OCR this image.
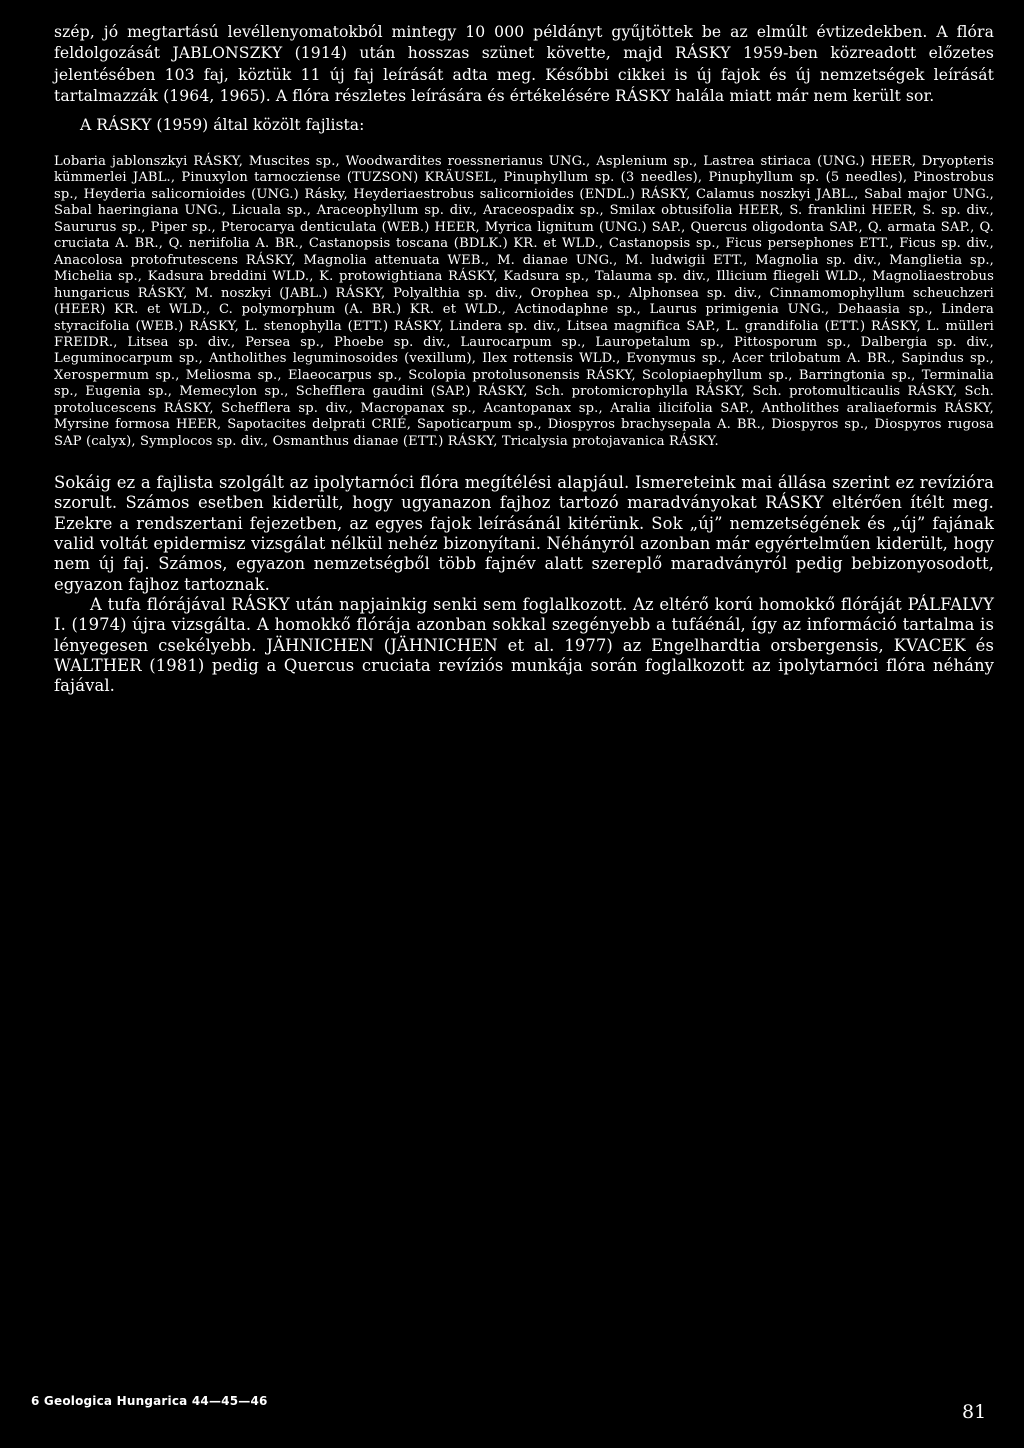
szép, jó megtartású levéllenyomatokból mintegy 10 000 példányt gyűjtöttek be az elmúlt évtizedekben. A flóra feldolgozását JABLONSZKY (1914) után hosszas szünet követte, majd RÁSKY 1959-ben közreadott előzetes jelentésében 103 faj, köztük 11 új faj leírását adta meg. Későbbi cikkei is új fajok és új nemzetségek leírását tartalmazzák (1964, 1965). A flóra részletes leírására és értékelésére RÁSKY halála miatt már nem került sor.

A RÁSKY (1959) által közölt fajlista:
Lobaria jablonszkyi RÁSKY, Muscites sp., Woodwardites roessnerianus UNG., Asplenium sp., Lastrea stiriaca (UNG.) HEER, Dryopteris kümmerlei JABL., Pinuxylon tarnocziense (TUZSON) KRÄUSEL, Pinuphyllum sp. (3 needles), Pinuphyllum sp. (5 needles), Pinostrobus sp., Heyderia salicornioides (UNG.) Rásky, Heyderiaestrobus salicornioides (ENDL.) RÁSKY, Calamus noszkyi JABL., Sabal major UNG., Sabal haeringiana UNG., Licuala sp., Araceophyllum sp. div., Araceospadix sp., Smilax obtusifolia HEER, S. franklini HEER, S. sp. div., Saururus sp., Piper sp., Pterocarya denticulata (WEB.) HEER, Myrica lignitum (UNG.) SAP., Quercus oligodonta SAP., Q. armata SAP., Q. cruciata A. BR., Q. neriifolia A. BR., Castanopsis toscana (BDLK.) KR. et WLD., Castanopsis sp., Ficus persephones ETT., Ficus sp. div., Anacolosa protofrutescens RÁSKY, Magnolia attenuata WEB., M. dianae UNG., M. ludwigii ETT., Magnolia sp. div., Manglietia sp., Michelia sp., Kadsura breddini WLD., K. protowightiana RÁSKY, Kadsura sp., Talauma sp. div., Illicium fliegeli WLD., Magnoliaestrobus hungaricus RÁSKY, M. noszkyi (JABL.) RÁSKY, Polyalthia sp. div., Orophea sp., Alphonsea sp. div., Cinnamomophyllum scheuchzeri (HEER) KR. et WLD., C. polymorphum (A. BR.) KR. et WLD., Actinodaphne sp., Laurus primigenia UNG., Dehaasia sp., Lindera styracifolia (WEB.) RÁSKY, L. stenophylla (ETT.) RÁSKY, Lindera sp. div., Litsea magnifica SAP., L. grandifolia (ETT.) RÁSKY, L. mülleri FREIDR., Litsea sp. div., Persea sp., Phoebe sp. div., Laurocarpum sp., Lauropetalum sp., Pittosporum sp., Dalbergia sp. div., Leguminocarpum sp., Antholithes leguminosoides (vexillum), Ilex rottensis WLD., Evonymus sp., Acer trilobatum A. BR., Sapindus sp., Xerospermum sp., Meliosma sp., Elaeocarpus sp., Scolopia protolusonensis RÁSKY, Scolopiaephyllum sp., Barringtonia sp., Terminalia sp., Eugenia sp., Memecylon sp., Schefflera gaudini (SAP.) RÁSKY, Sch. protomicrophylla RÁSKY, Sch. protomulticaulis RÁSKY, Sch. protolucescens RÁSKY, Schefflera sp. div., Macropanax sp., Acantopanax sp., Aralia ilicifolia SAP., Antholithes araliaeformis RÁSKY, Myrsine formosa HEER, Sapotacites delprati CRIÉ, Sapoticarpum sp., Diospyros brachysepala A. BR., Diospyros sp., Diospyros rugosa SAP (calyx), Symplocos sp. div., Osmanthus dianae (ETT.) RÁSKY, Tricalysia protojavanica RÁSKY.

Sokáig ez a fajlista szolgált az ipolytarnóci flóra megítélési alapjául. Ismereteink mai állása szerint ez revízióra szorult. Számos esetben kiderült, hogy ugyanazon fajhoz tartozó maradványokat RÁSKY eltérően ítélt meg. Ezekre a rendszertani fejezetben, az egyes fajok leírásánál kitérünk. Sok „új” nemzetségének és „új” fajának valid voltát epidermisz vizsgálat nélkül nehéz bizonyítani. Néhányról azonban már egyértelműen kiderült, hogy nem új faj. Számos, egyazon nemzetségből több fajnév alatt szereplő maradványról pedig bebizonyosodott, egyazon fajhoz tartoznak.

A tufa flórájával RÁSKY után napjainkig senki sem foglalkozott. Az eltérő korú homokkő flóráját PÁLFALVY I. (1974) újra vizsgálta. A homokkő flórája azonban sokkal szegényebb a tufáénál, így az információ tartalma is lényegesen csekélyebb. JÄHNICHEN (JÄHNICHEN et al. 1977) az Engelhardtia orsbergensis, KVACEK és WALTHER (1981) pedig a Quercus cruciata revíziós munkája során foglalkozott az ipolytarnóci flóra néhány fajával.

6 Geologica Hungarica 44—45—46	81
